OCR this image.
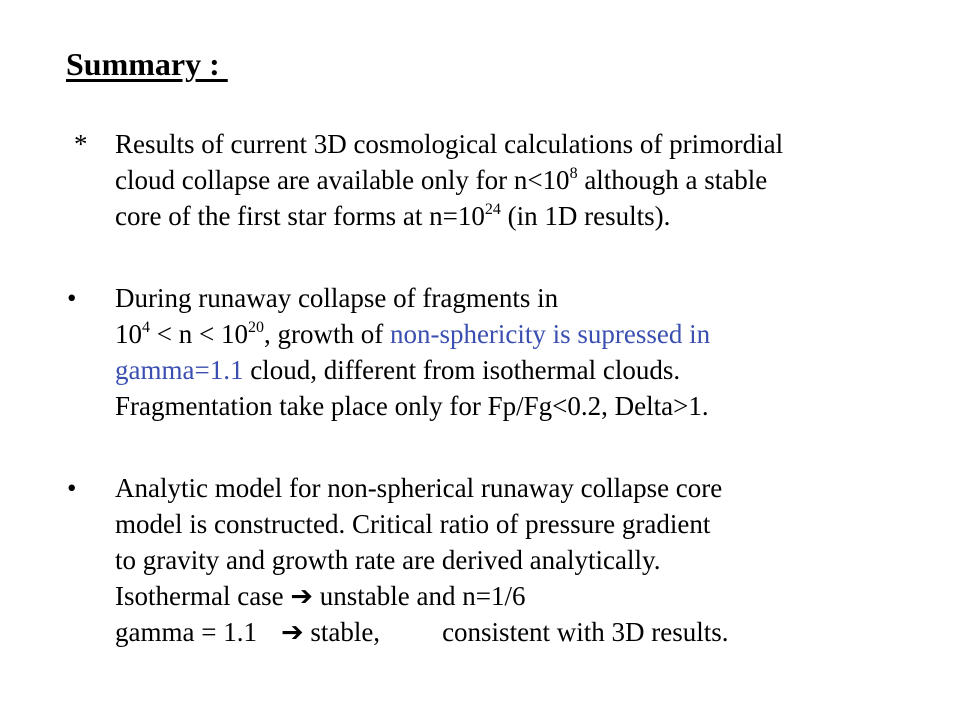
Summary :
* Results of current 3D cosmological calculations of primordial
cloud collapse are available only for $n<10^8$ although a stable
core of the first star forms at $n=10^{24}$ (in 1D results).
• During runaway collapse of fragments in
$10^4 < n < 10^{20}$, growth of non-sphericity is supressed in
gamma=1.1 cloud, different from isothermal clouds.
Fragmentation take place only for Fp/Fg<0.2, Delta>1.
• Analytic model for non-spherical runaway collapse core
model is constructed. Critical ratio of pressure gradient
to gravity and growth rate are derived analytically.
Isothermal case ➔ unstable and n=1/6
gamma = 1.1 ➔ stable, consistent with 3D results.
